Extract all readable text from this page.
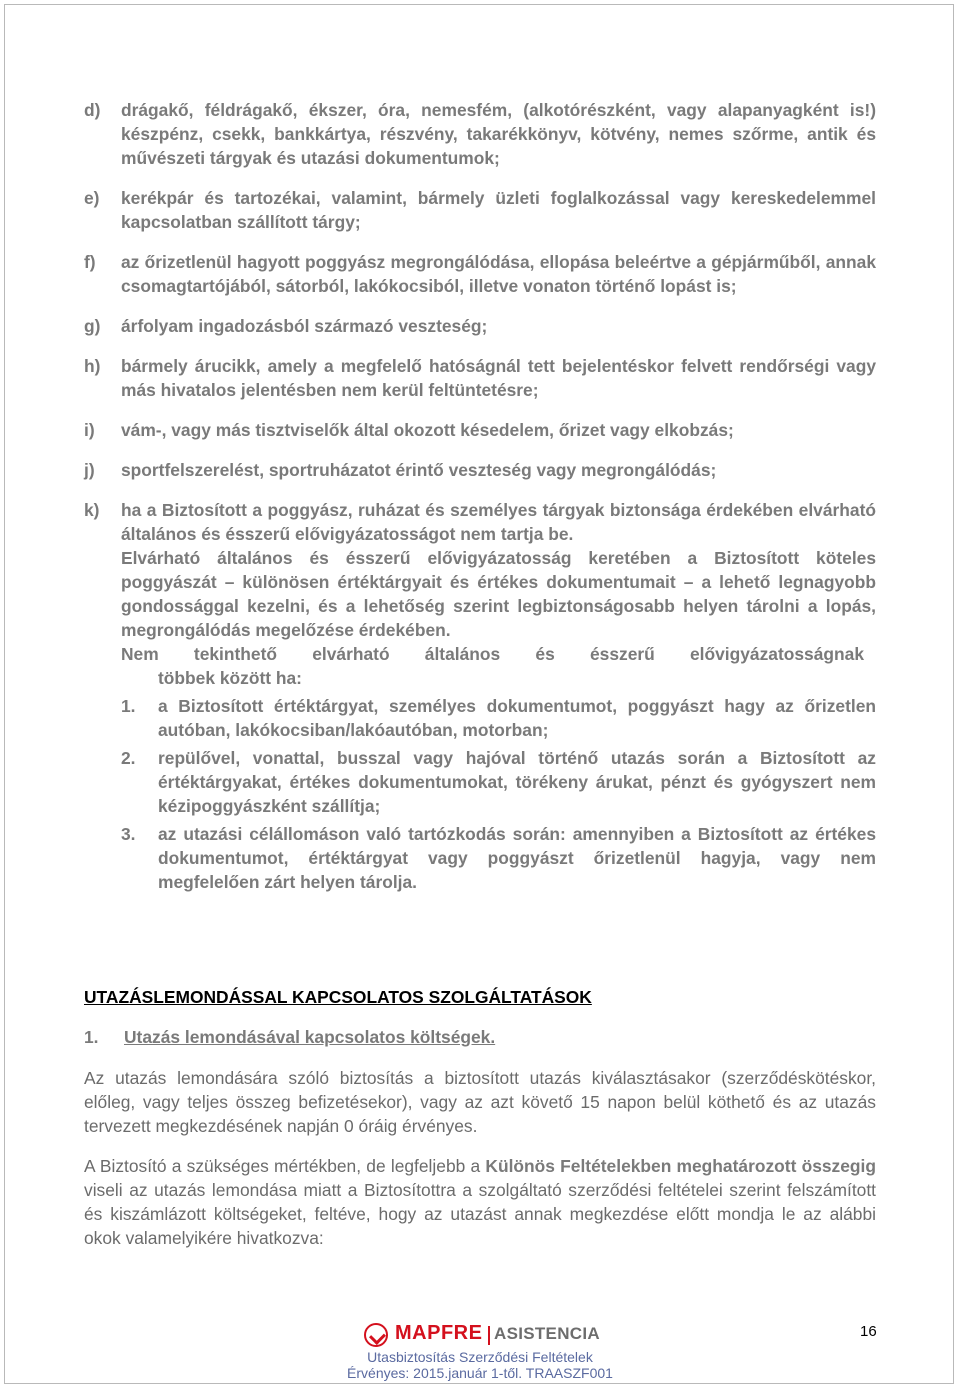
d) drágakő, féldrágakő, ékszer, óra, nemesfém, (alkotórészként, vagy alapanyagként is!) készpénz, csekk, bankkártya, részvény, takarékkönyv, kötvény, nemes szőrme, antik és művészeti tárgyak és utazási dokumentumok;
e) kerékpár és tartozékai, valamint, bármely üzleti foglalkozással vagy kereskedelemmel kapcsolatban szállított tárgy;
f) az őrizetlenül hagyott poggyász megrongálódása, ellopása beleértve a gépjárműből, annak csomagtartójából, sátorból, lakókocsiból, illetve vonaton történő lopást is;
g) árfolyam ingadozásból származó veszteség;
h) bármely árucikk, amely a megfelelő hatóságnál tett bejelentéskor felvett rendőrségi vagy más hivatalos jelentésben nem kerül feltüntetésre;
i) vám-, vagy más tisztviselők által okozott késedelem, őrizet vagy elkobzás;
j) sportfelszerelést, sportruházatot érintő veszteség vagy megrongálódás;
k) ha a Biztosított a poggyász, ruházat és személyes tárgyak biztonsága érdekében elvárható általános és ésszerű elővigyázatosságot nem tartja be.
Elvárható általános és ésszerű elővigyázatosság keretében a Biztosított köteles poggyászát – különösen értéktárgyait és értékes dokumentumait – a lehető legnagyobb gondossággal kezelni, és a lehetőség szerint legbiztonságosabb helyen tárolni a lopás, megrongálódás megelőzése érdekében.
Nem tekinthető elvárható általános és ésszerű elővigyázatosságnak
többek között ha:
1. a Biztosított értéktárgyat, személyes dokumentumot, poggyászt hagy az őrizetlen autóban, lakókocsiban/lakóautóban, motorban;
2. repülővel, vonattal, busszal vagy hajóval történő utazás során a Biztosított az értéktárgyakat, értékes dokumentumokat, törékeny árukat, pénzt és gyógyszert nem kézipoggyászként szállítja;
3. az utazási célállomáson való tartózkodás során: amennyiben a Biztosított az értékes dokumentumot, értéktárgyat vagy poggyászt őrizetlenül hagyja, vagy nem megfelelően zárt helyen tárolja.
UTAZÁSLEMONDÁSSAL KAPCSOLATOS SZOLGÁLTATÁSOK
1. Utazás lemondásával kapcsolatos költségek.
Az utazás lemondására szóló biztosítás a biztosított utazás kiválasztásakor (szerződéskötéskor, előleg, vagy teljes összeg befizetésekor), vagy az azt követő 15 napon belül köthető és az utazás tervezett megkezdésének napján 0 óráig érvényes.
A Biztosító a szükséges mértékben, de legfeljebb a Különös Feltételekben meghatározott összegig viseli az utazás lemondása miatt a Biztosítottra a szolgáltató szerződési feltételei szerint felszámított és kiszámlázott költségeket, feltéve, hogy az utazást annak megkezdése előtt mondja le az alábbi okok valamelyikére hivatkozva:
MAPFRE ASISTENCIA
Utasbiztosítás Szerződési Feltételek
Érvényes: 2015.január 1-től. TRAASZF001
16
